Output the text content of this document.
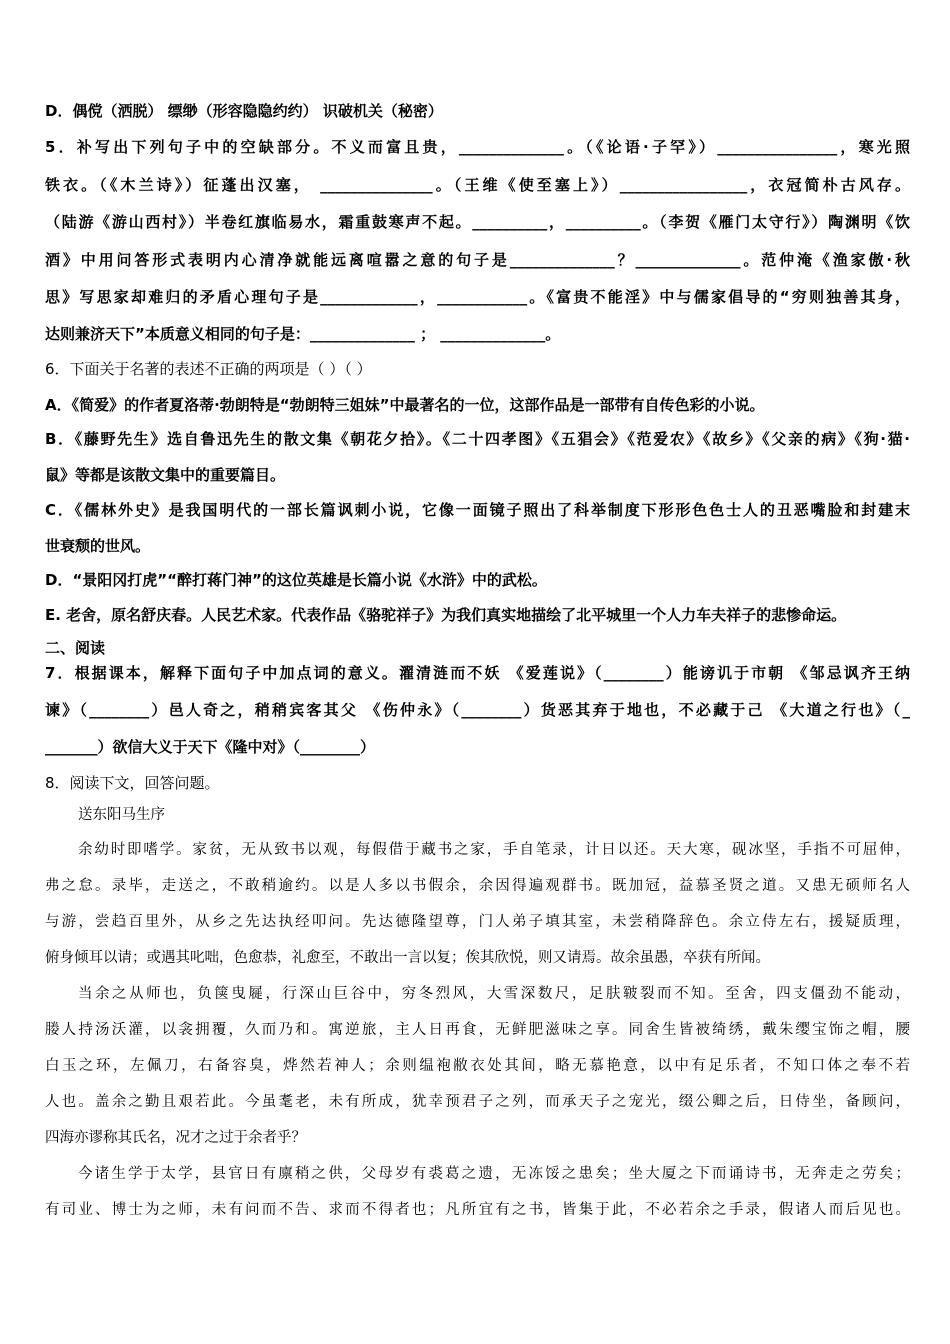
D．偶傥（洒脱） 缥缈（形容隐隐约约） 识破机关（秘密）
5．补写出下列句子中的空缺部分。不义而富且贵，______________。（《论语·子罕》）________________，寒光照
铁衣。（《木兰诗》）征蓬出汉塞， _______________。（王维《使至塞上》）_________________，衣冠简朴古风存。
（陆游《游山西村》）半卷红旗临易水，霜重鼓寒声不起。__________，__________。（李贺《雁门太守行》）陶渊明《饮
酒》中用问答形式表明内心清净就能远离喧嚣之意的句子是______________？______________。范仲淹《渔家傲·秋
思》写思家却难归的矛盾心理句子是_____________，____________。《富贵不能淫》中与儒家倡导的“穷则独善其身，
达则兼济天下”本质意义相同的句子是：______________ ； ______________。
6．下面关于名著的表述不正确的两项是（ ）（ ）
A．《简爱》的作者夏洛蒂·勃朗特是“勃朗特三姐妹”中最著名的一位，这部作品是一部带有自传色彩的小说。
B．《藤野先生》选自鲁迅先生的散文集《朝花夕拾》。《二十四孝图》《五猖会》《范爱农》《故乡》《父亲的病》《狗·猫·
鼠》等都是该散文集中的重要篇目。
C．《儒林外史》是我国明代的一部长篇讽刺小说，它像一面镜子照出了科举制度下形形色色士人的丑恶嘴脸和封建末
世衰颓的世风。
D．“景阳冈打虎”“醉打蒋门神”的这位英雄是长篇小说《水浒》中的武松。
E. 老舍，原名舒庆春。人民艺术家。代表作品《骆驼祥子》为我们真实地描绘了北平城里一个人力车夫祥子的悲惨命运。
二、阅读
7．根据课本，解释下面句子中加点词的意义。濯清涟而不妖 《爱莲说》（________）能谤讥于市朝 《邹忌讽齐王纳
谏》（________）邑人奇之，稍稍宾客其父 《伤仲永》（________）货恶其弃于地也，不必藏于己 《大道之行也》（_
_______）欲信大义于天下《隆中对》（________）
8．阅读下文，回答问题。
送东阳马生序
余幼时即嗜学。家贫，无从致书以观，每假借于藏书之家，手自笔录，计日以还。天大寒，砚冰坚，手指不可屈伸，
弗之怠。录毕，走送之，不敢稍逾约。以是人多以书假余，余因得遍观群书。既加冠，益慕圣贤之道。又患无硕师名人
与游，尝趋百里外，从乡之先达执经叩问。先达德隆望尊，门人弟子填其室，未尝稍降辞色。余立侍左右，援疑质理，
俯身倾耳以请；或遇其叱咄，色愈恭，礼愈至，不敢出一言以复；俟其欣悦，则又请焉。故余虽愚，卒获有所闻。
当余之从师也，负箧曳屣，行深山巨谷中，穷冬烈风，大雪深数尺，足肤皲裂而不知。至舍，四支僵劲不能动，
媵人持汤沃灌，以衾拥覆，久而乃和。寓逆旅，主人日再食，无鲜肥滋味之享。同舍生皆被绮绣，戴朱缨宝饰之帽，腰
白玉之环，左佩刀，右备容臭，烨然若神人；余则缊袍敝衣处其间，略无慕艳意，以中有足乐者，不知口体之奉不若
人也。盖余之勤且艰若此。今虽耄老，未有所成，犹幸预君子之列，而承天子之宠光，缀公卿之后，日侍坐，备顾问，
四海亦谬称其氏名，况才之过于余者乎？
今诸生学于太学，县官日有廪稍之供，父母岁有裘葛之遗，无冻馁之患矣；坐大厦之下而诵诗书，无奔走之劳矣；
有司业、博士为之师，未有问而不告、求而不得者也；凡所宜有之书，皆集于此，不必若余之手录，假诸人而后见也。
